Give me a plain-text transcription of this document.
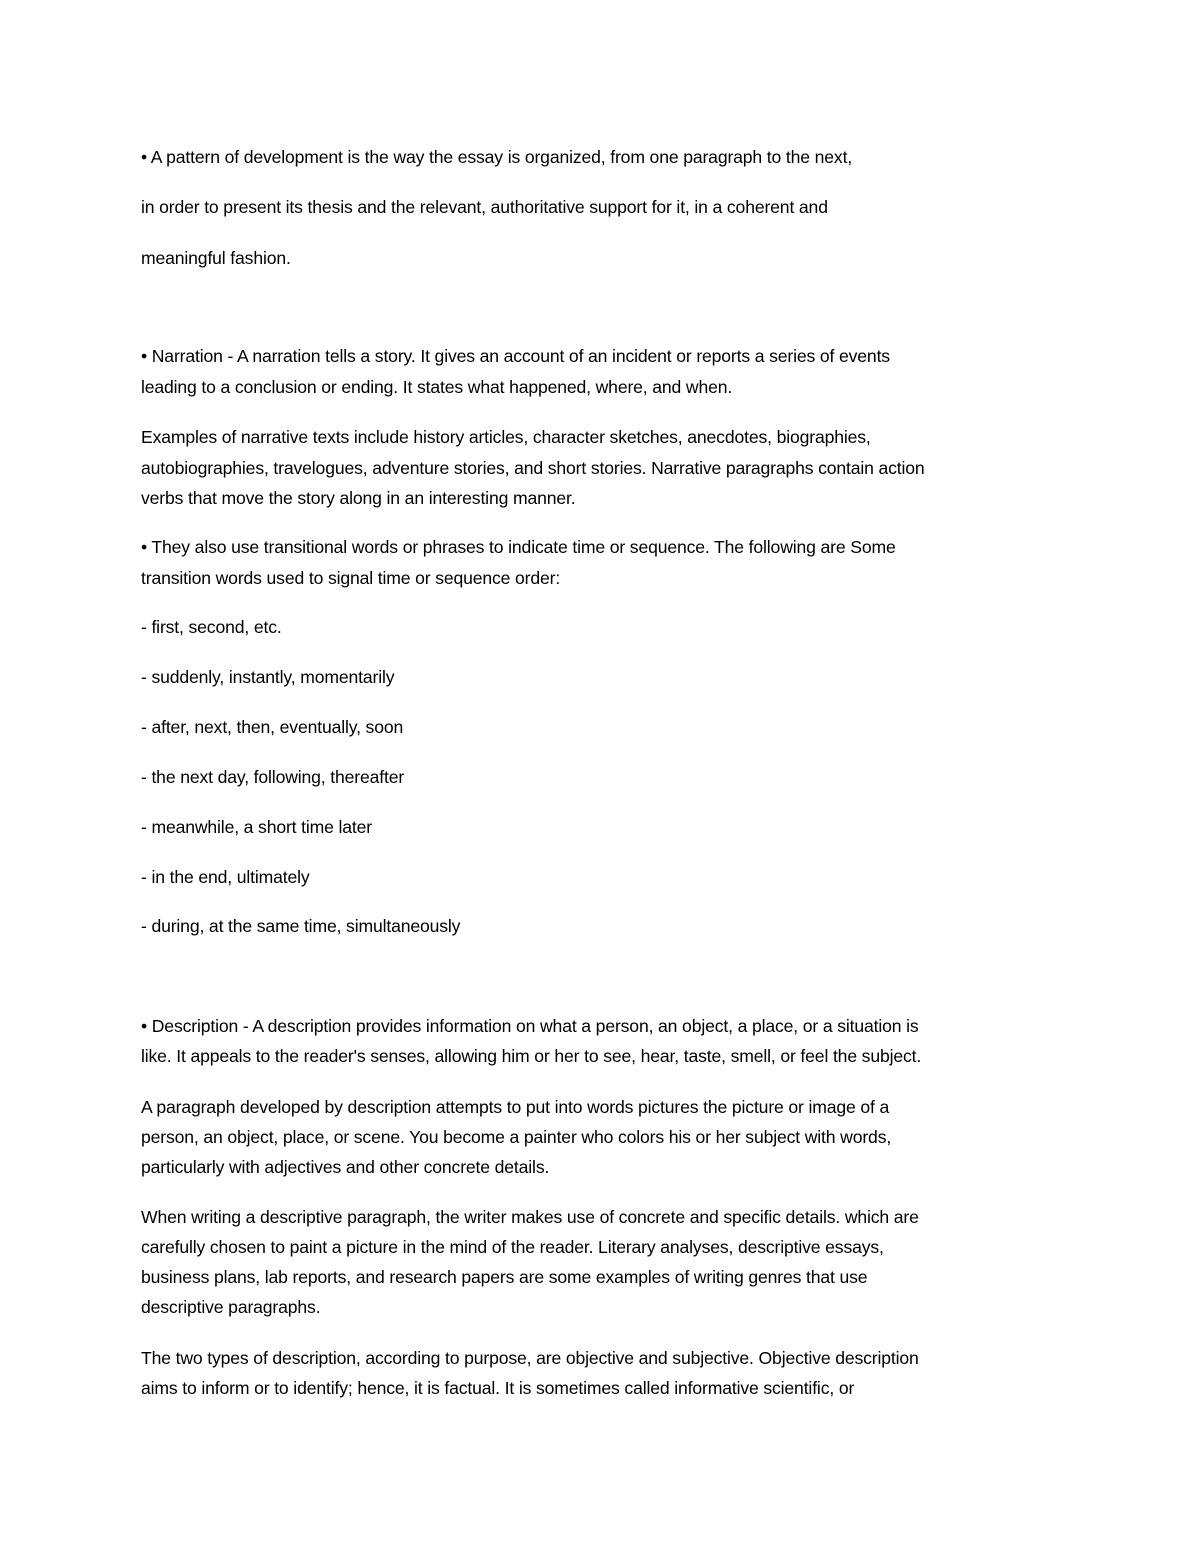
• A pattern of development is the way the essay is organized, from one paragraph to the next,
in order to present its thesis and the relevant, authoritative support for it, in a coherent and
meaningful fashion.
• Narration - A narration tells a story. It gives an account of an incident or reports a series of events
leading to a conclusion or ending. It states what happened, where, and when.
Examples of narrative texts include history articles, character sketches, anecdotes, biographies,
autobiographies, travelogues, adventure stories, and short stories. Narrative paragraphs contain action
verbs that move the story along in an interesting manner.
• They also use transitional words or phrases to indicate time or sequence. The following are Some
transition words used to signal time or sequence order:
- first, second, etc.
- suddenly, instantly, momentarily
- after, next, then, eventually, soon
- the next day, following, thereafter
- meanwhile, a short time later
- in the end, ultimately
- during, at the same time, simultaneously
• Description - A description provides information on what a person, an object, a place, or a situation is
like. It appeals to the reader's senses, allowing him or her to see, hear, taste, smell, or feel the subject.
A paragraph developed by description attempts to put into words pictures the picture or image of a
person, an object, place, or scene. You become a painter who colors his or her subject with words,
particularly with adjectives and other concrete details.
When writing a descriptive paragraph, the writer makes use of concrete and specific details. which are
carefully chosen to paint a picture in the mind of the reader. Literary analyses, descriptive essays,
business plans, lab reports, and research papers are some examples of writing genres that use
descriptive paragraphs.
The two types of description, according to purpose, are objective and subjective. Objective description
aims to inform or to identify; hence, it is factual. It is sometimes called informative scientific, or
